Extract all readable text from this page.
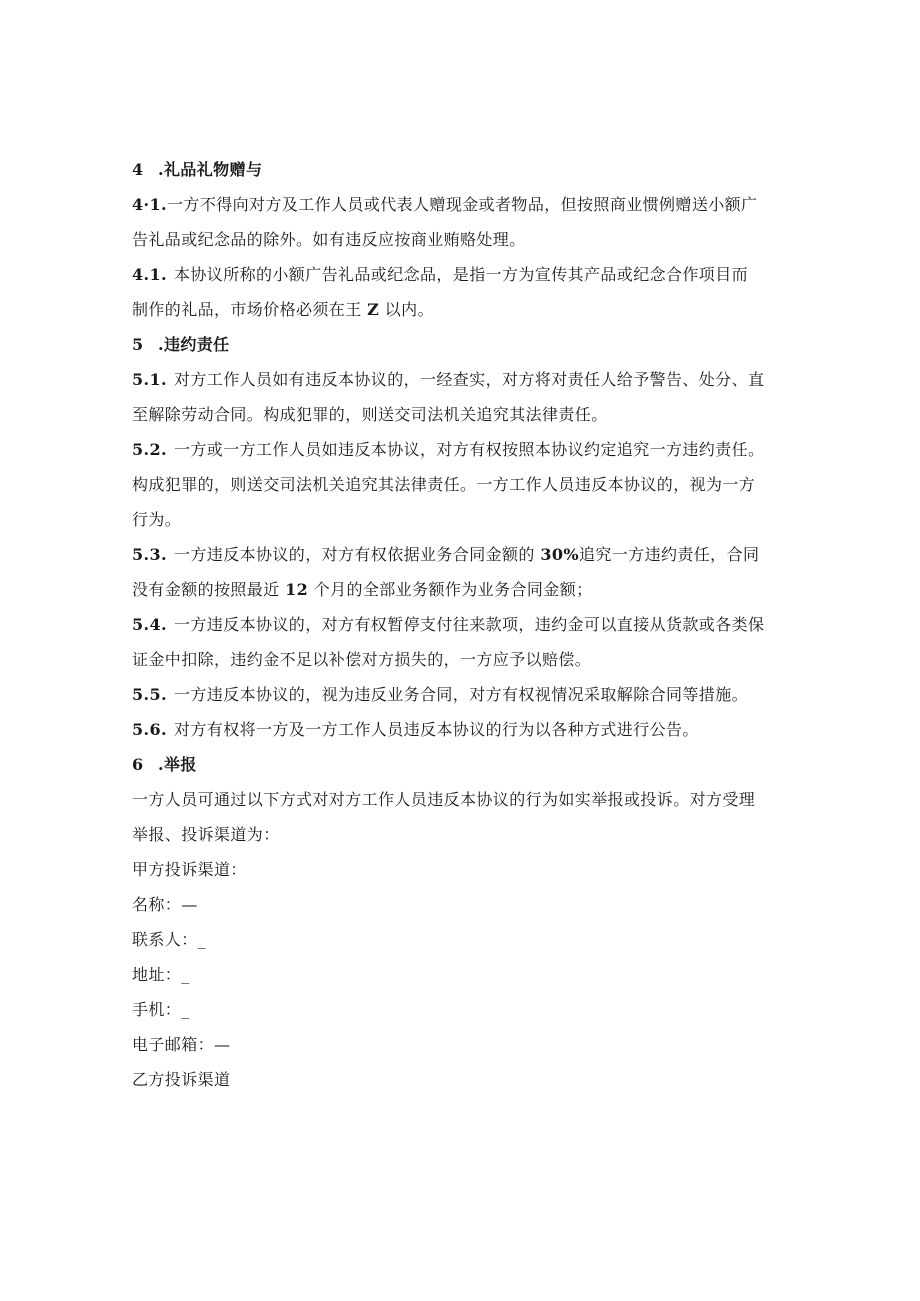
4 .礼品礼物赠与
4·1.一方不得向对方及工作人员或代表人赠现金或者物品，但按照商业惯例赠送小额广
告礼品或纪念品的除外。如有违反应按商业贿赂处理。
4.1. 本协议所称的小额广告礼品或纪念品，是指一方为宣传其产品或纪念合作项目而
制作的礼品，市场价格必须在王 Z 以内。
5 .违约责任
5.1. 对方工作人员如有违反本协议的，一经查实，对方将对责任人给予警告、处分、直
至解除劳动合同。构成犯罪的，则送交司法机关追究其法律责任。
5.2. 一方或一方工作人员如违反本协议，对方有权按照本协议约定追究一方违约责任。
构成犯罪的，则送交司法机关追究其法律责任。一方工作人员违反本协议的，视为一方
行为。
5.3. 一方违反本协议的，对方有权依据业务合同金额的 30%追究一方违约责任，合同
没有金额的按照最近 12 个月的全部业务额作为业务合同金额；
5.4. 一方违反本协议的，对方有权暂停支付往来款项，违约金可以直接从货款或各类保
证金中扣除，违约金不足以补偿对方损失的，一方应予以赔偿。
5.5. 一方违反本协议的，视为违反业务合同，对方有权视情况采取解除合同等措施。
5.6. 对方有权将一方及一方工作人员违反本协议的行为以各种方式进行公告。
6 .举报
一方人员可通过以下方式对对方工作人员违反本协议的行为如实举报或投诉。对方受理
举报、投诉渠道为：
甲方投诉渠道：
名称：—
联系人：_
地址：_
手机：_
电子邮箱：—
乙方投诉渠道
